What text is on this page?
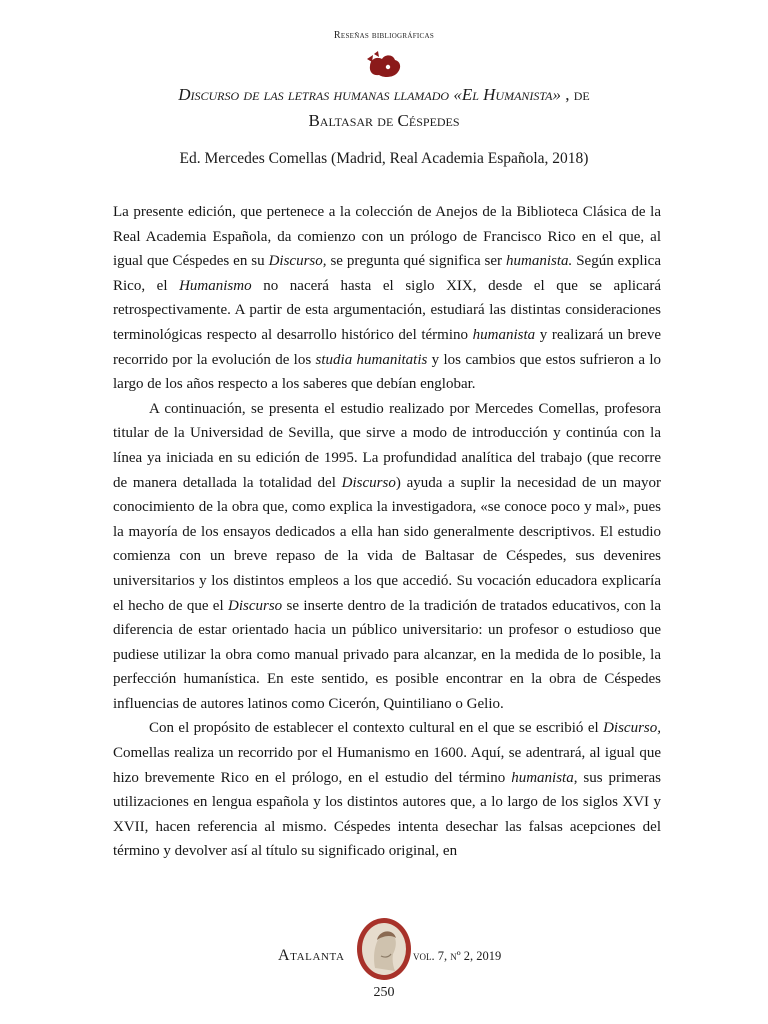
Reseñas bibliográficas
Discurso de las letras humanas llamado «El Humanista» , de
Baltasar de Céspedes
Ed. Mercedes Comellas (Madrid, Real Academia Española, 2018)

La presente edición, que pertenece a la colección de Anejos de la Biblioteca Clásica de la Real Academia Española, da comienzo con un prólogo de Francisco Rico en el que, al igual que Céspedes en su Discurso, se pregunta qué significa ser humanista. Según explica Rico, el Humanismo no nacerá hasta el siglo XIX, desde el que se aplicará retrospectivamente. A partir de esta argumentación, estudiará las distintas consideraciones terminológicas respecto al desarrollo histórico del término humanista y realizará un breve recorrido por la evolución de los studia humanitatis y los cambios que estos sufrieron a lo largo de los años respecto a los saberes que debían englobar.

A continuación, se presenta el estudio realizado por Mercedes Comellas, profesora titular de la Universidad de Sevilla, que sirve a modo de introducción y continúa con la línea ya iniciada en su edición de 1995. La profundidad analítica del trabajo (que recorre de manera detallada la totalidad del Discurso) ayuda a suplir la necesidad de un mayor conocimiento de la obra que, como explica la investigadora, «se conoce poco y mal», pues la mayoría de los ensayos dedicados a ella han sido generalmente descriptivos. El estudio comienza con un breve repaso de la vida de Baltasar de Céspedes, sus devenires universitarios y los distintos empleos a los que accedió. Su vocación educadora explicaría el hecho de que el Discurso se inserte dentro de la tradición de tratados educativos, con la diferencia de estar orientado hacia un público universitario: un profesor o estudioso que pudiese utilizar la obra como manual privado para alcanzar, en la medida de lo posible, la perfección humanística. En este sentido, es posible encontrar en la obra de Céspedes influencias de autores latinos como Cicerón, Quintiliano o Gelio.

Con el propósito de establecer el contexto cultural en el que se escribió el Discurso, Comellas realiza un recorrido por el Humanismo en 1600. Aquí, se adentrará, al igual que hizo brevemente Rico en el prólogo, en el estudio del término humanista, sus primeras utilizaciones en lengua española y los distintos autores que, a lo largo de los siglos XVI y XVII, hacen referencia al mismo. Céspedes intenta desechar las falsas acepciones del término y devolver así al título su significado original, en

Atalanta	vol. 7, nº 2, 2019
250
